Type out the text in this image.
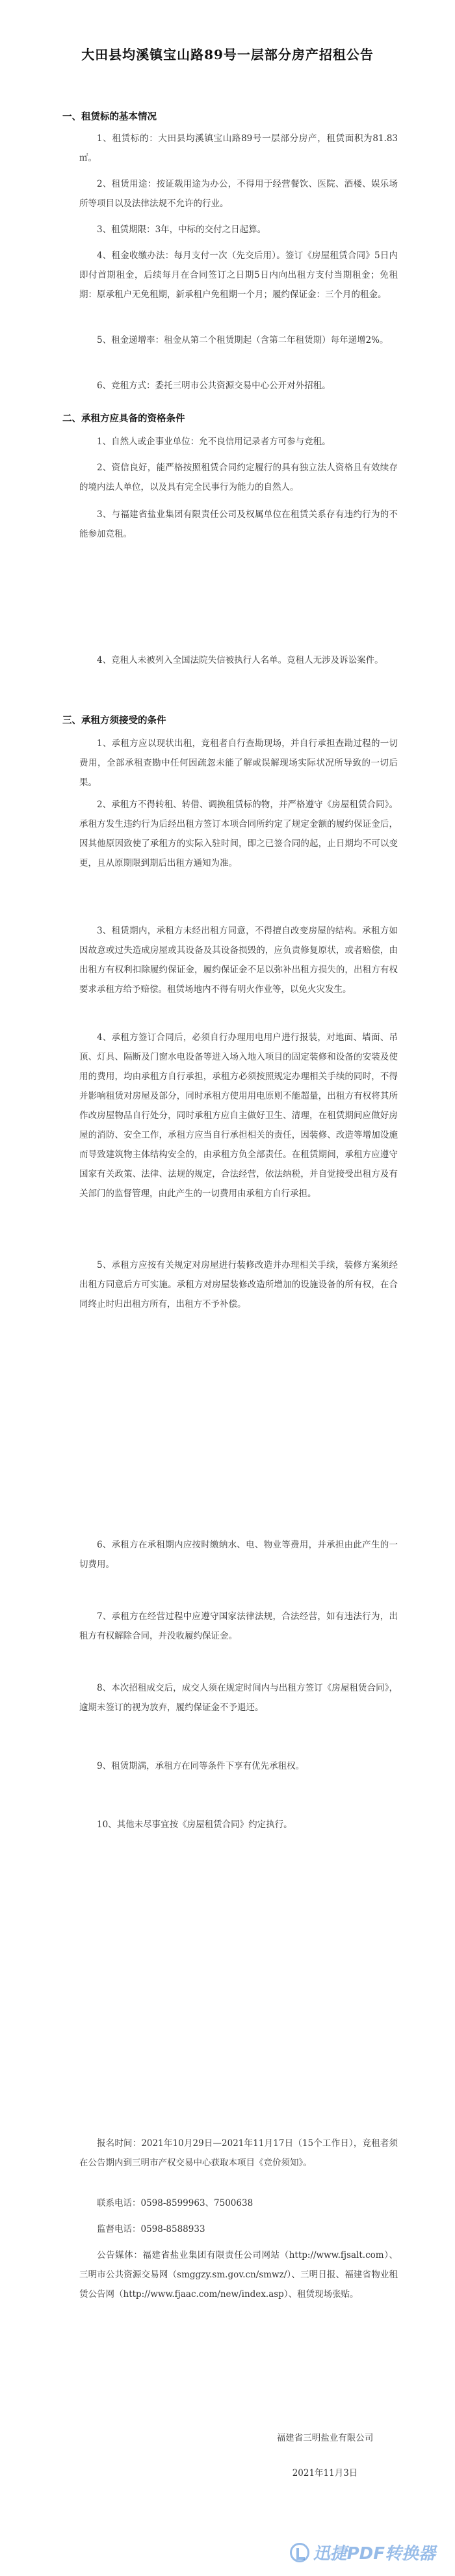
大田县均溪镇宝山路89号一层部分房产招租公告
一、租赁标的基本情况
1、租赁标的：大田县均溪镇宝山路89号一层部分房产，租赁面积为81.83㎡。
2、租赁用途：按证载用途为办公，不得用于经营餐饮、医院、酒楼、娱乐场所等项目以及法律法规不允许的行业。
3、租赁期限：3年，中标的交付之日起算。
4、租金收缴办法：每月支付一次（先交后用）。签订《房屋租赁合同》5日内即付首期租金，后续每月在合同签订之日期5日内向出租方支付当期租金；免租期：原承租户无免租期，新承租户免租期一个月；履约保证金：三个月的租金。
5、租金递增率：租金从第二个租赁期起（含第二年租赁期）每年递增2%。
6、竞租方式：委托三明市公共资源交易中心公开对外招租。
二、承租方应具备的资格条件
1、自然人或企事业单位：允不良信用记录者方可参与竞租。
2、资信良好，能严格按照租赁合同约定履行的具有独立法人资格且有效续存的境内法人单位，以及具有完全民事行为能力的自然人。
3、与福建省盐业集团有限责任公司及权属单位在租赁关系存有违约行为的不能参加竞租。
4、竞租人未被列入全国法院失信被执行人名单。竞租人无涉及诉讼案件。
三、承租方须接受的条件
1、承租方应以现状出租，竞租者自行查勘现场，并自行承担查勘过程的一切费用，全部承租查勘中任何因疏忽未能了解或误解现场实际状况所导致的一切后果。
2、承租方不得转租、转借、调换租赁标的物，并严格遵守《房屋租赁合同》。承租方发生违约行为后经出租方签订本项合同所约定了规定金额的履约保证金后，因其他原因致使了承租方的实际入驻时间，即之已签合同的起，止日期均不可以变更，且从原期限到期后出租方通知为准。
3、租赁期内，承租方未经出租方同意，不得擅自改变房屋的结构。承租方如因故意或过失造成房屋或其设备及其设备损毁的，应负责修复原状，或者赔偿，由出租方有权利扣除履约保证金，履约保证金不足以弥补出租方损失的，出租方有权要求承租方给予赔偿。租赁场地内不得有明火作业等，以免火灾发生。
4、承租方签订合同后，必须自行办理用电用户进行报装，对地面、墙面、吊顶、灯具、隔断及门窗水电设备等进入场入地入项目的固定装修和设备的安装及使用的费用，均由承租方自行承担，承租方必须按照规定办理相关手续的同时，不得并影响租赁对房屋及部分，同时承租方使用用电原则不能超量，出租方有权将其所作改房屋物品自行处分，同时承租方应自主做好卫生、清理，在租赁期间应做好房屋的消防、安全工作，承租方应当自行承担相关的责任，因装修、改造等增加设施而导致建筑物主体结构安全的，由承租方负全部责任。在租赁期间，承租方应遵守国家有关政策、法律、法规的规定，合法经营，依法纳税，并自觉接受出租方及有关部门的监督管理，由此产生的一切费用由承租方自行承担。
5、承租方应按有关规定对房屋进行装修改造并办理相关手续，装修方案须经出租方同意后方可实施。承租方对房屋装修改造所增加的设施设备的所有权，在合同终止时归出租方所有，出租方不予补偿。
6、承租方在承租期内应按时缴纳水、电、物业等费用，并承担由此产生的一切费用。
7、承租方在经营过程中应遵守国家法律法规，合法经营，如有违法行为，出租方有权解除合同，并没收履约保证金。
8、本次招租成交后，成交人须在规定时间内与出租方签订《房屋租赁合同》，逾期未签订的视为放弃，履约保证金不予退还。
9、租赁期满，承租方在同等条件下享有优先承租权。
10、其他未尽事宜按《房屋租赁合同》约定执行。
报名时间：2021年10月29日—2021年11月17日（15个工作日），竞租者须在公告期内到三明市产权交易中心获取本项目《竞价须知》。
联系电话：0598-8599963、7500638
监督电话：0598-8588933
公告媒体：福建省盐业集团有限责任公司网站（http://www.fjsalt.com）、三明市公共资源交易网（smggzy.sm.gov.cn/smwz/）、三明日报、福建省物业租赁公告网（http://www.fjaac.com/new/index.asp）、租赁现场张贴。
福建省三明盐业有限公司
2021年11月3日
迅捷PDF转换器
